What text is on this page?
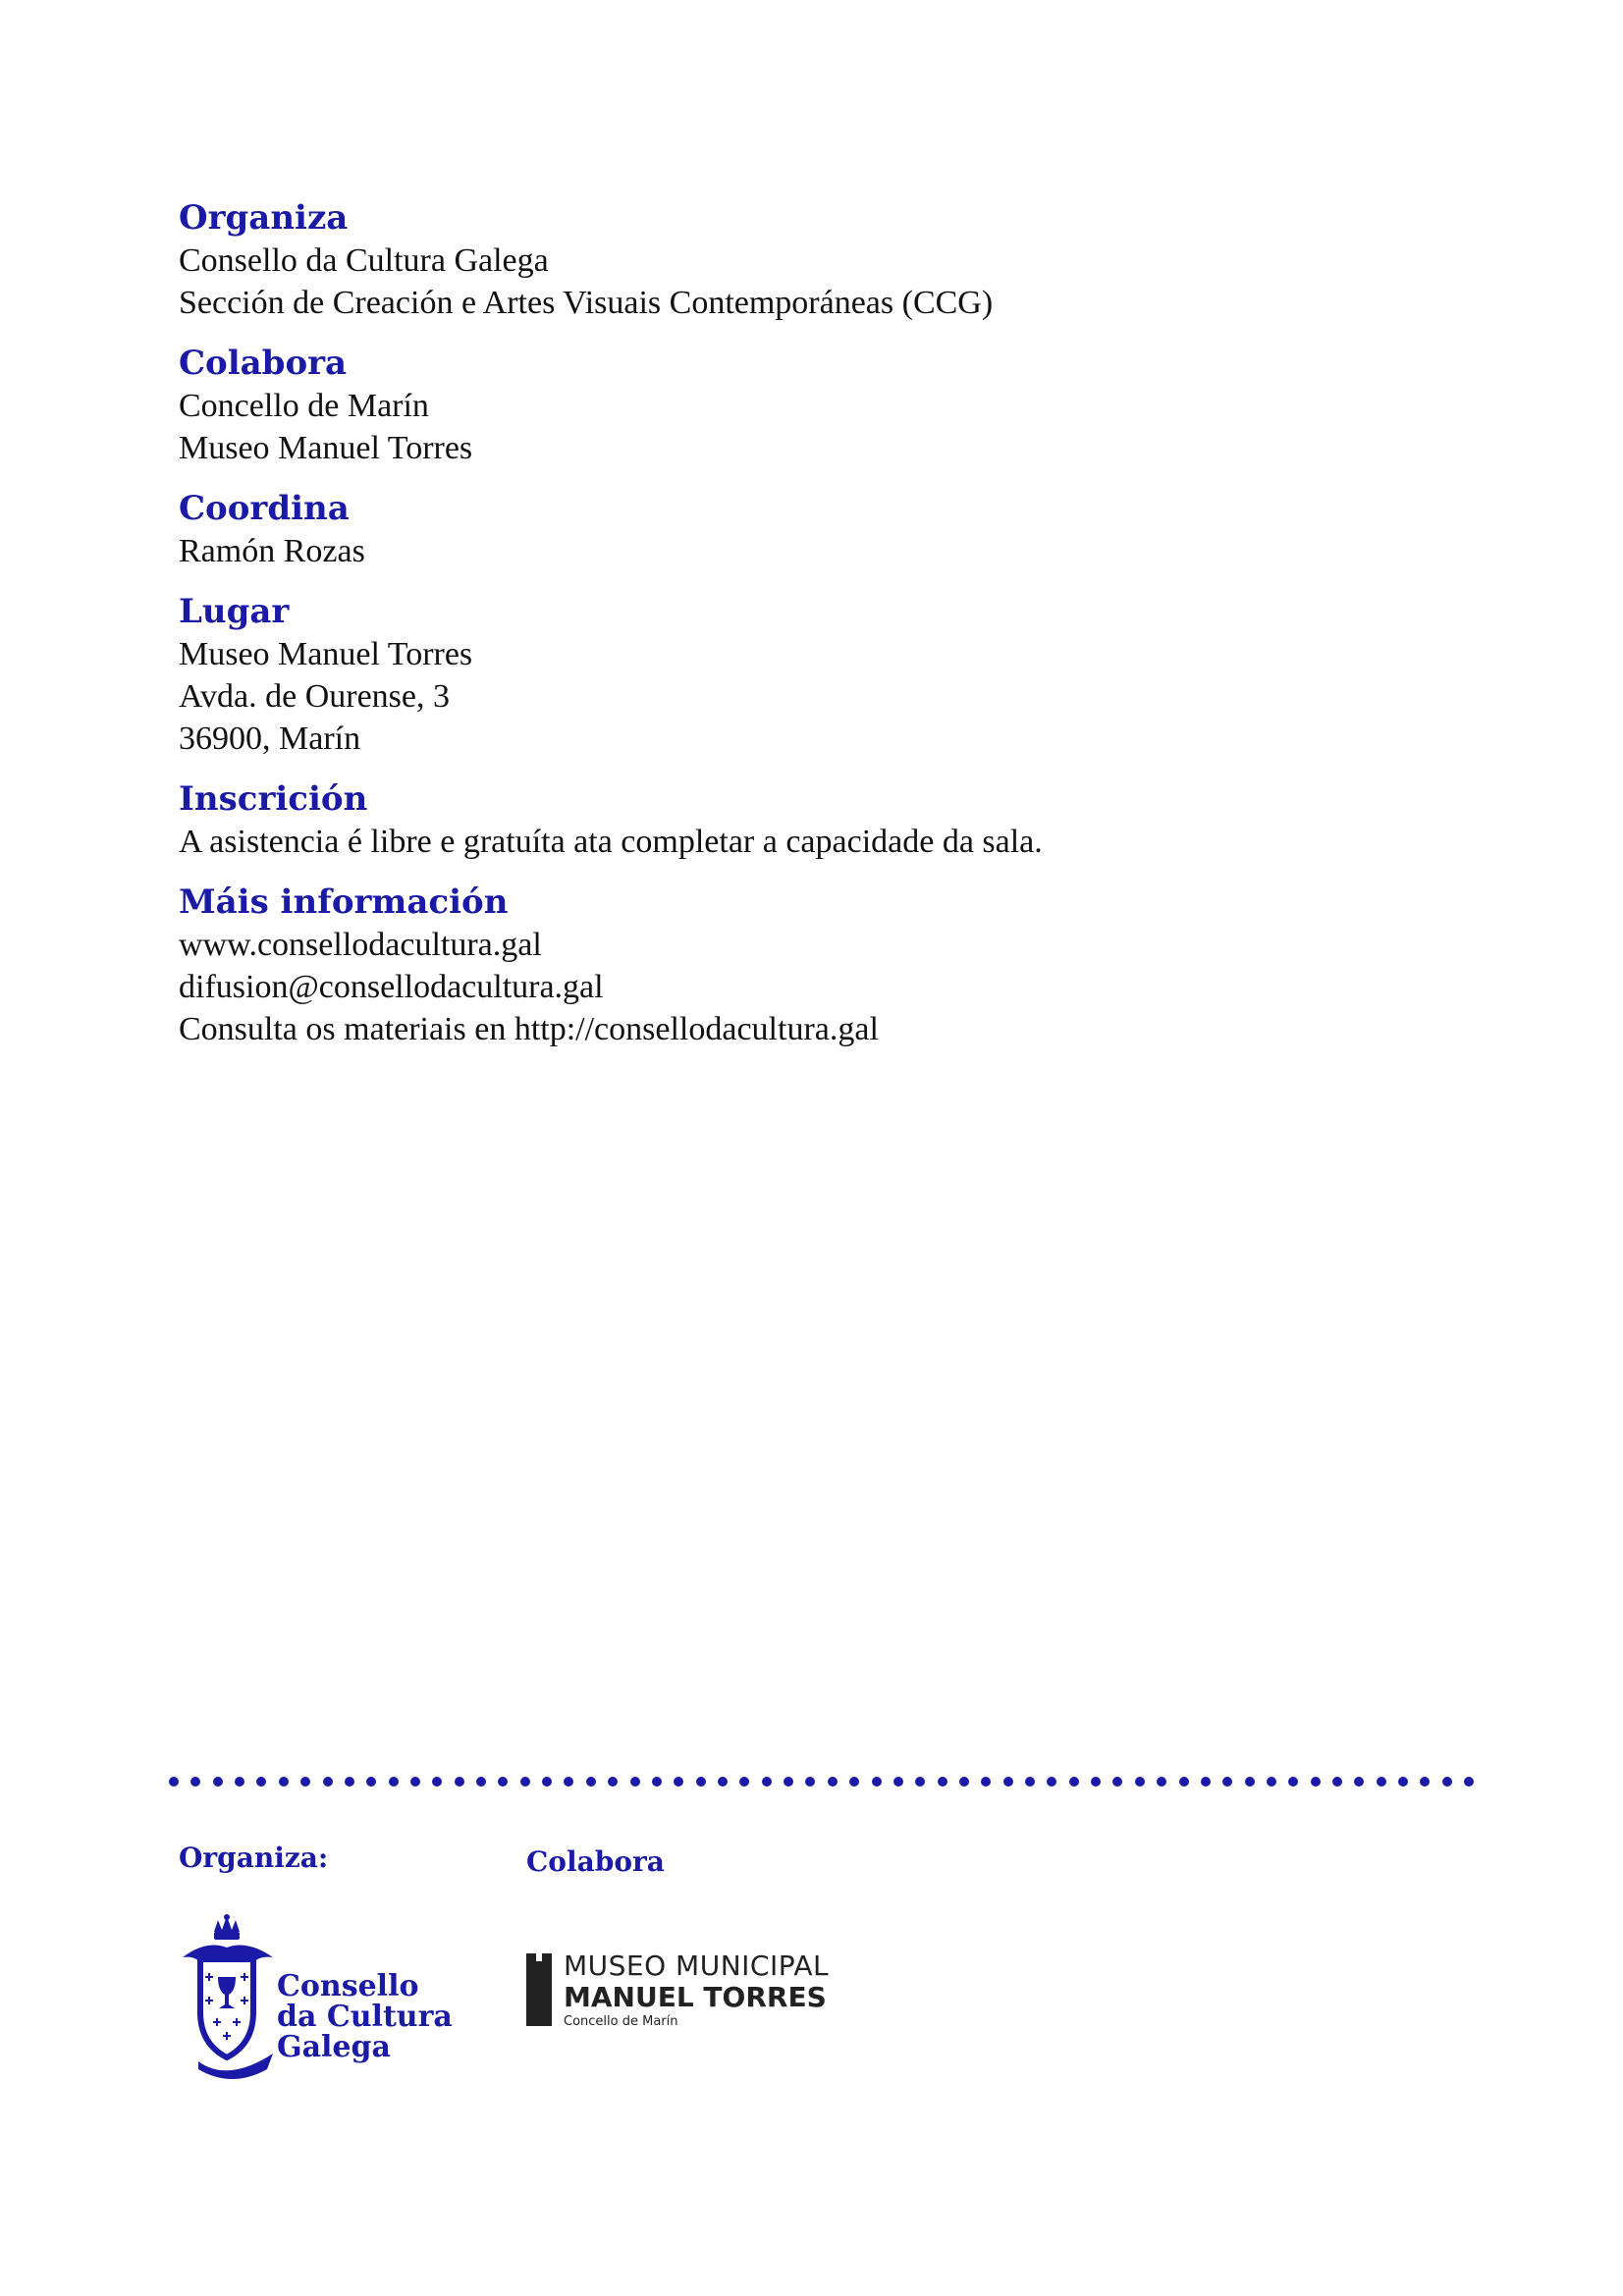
Organiza
Consello da Cultura Galega
Sección de Creación e Artes Visuais Contemporáneas (CCG)
Colabora
Concello de Marín
Museo Manuel Torres
Coordina
Ramón Rozas
Lugar
Museo Manuel Torres
Avda. de Ourense, 3
36900, Marín
Inscrición
A asistencia é libre e gratuíta ata completar a capacidade da sala.
Máis información
www.consellodacultura.gal
difusion@consellodacultura.gal
Consulta os materiais en http://consellodacultura.gal
Organiza:	Colabora
Consello
da Cultura
Galega
MUSEO MUNICIPAL
MANUEL TORRES
Concello de Marín
